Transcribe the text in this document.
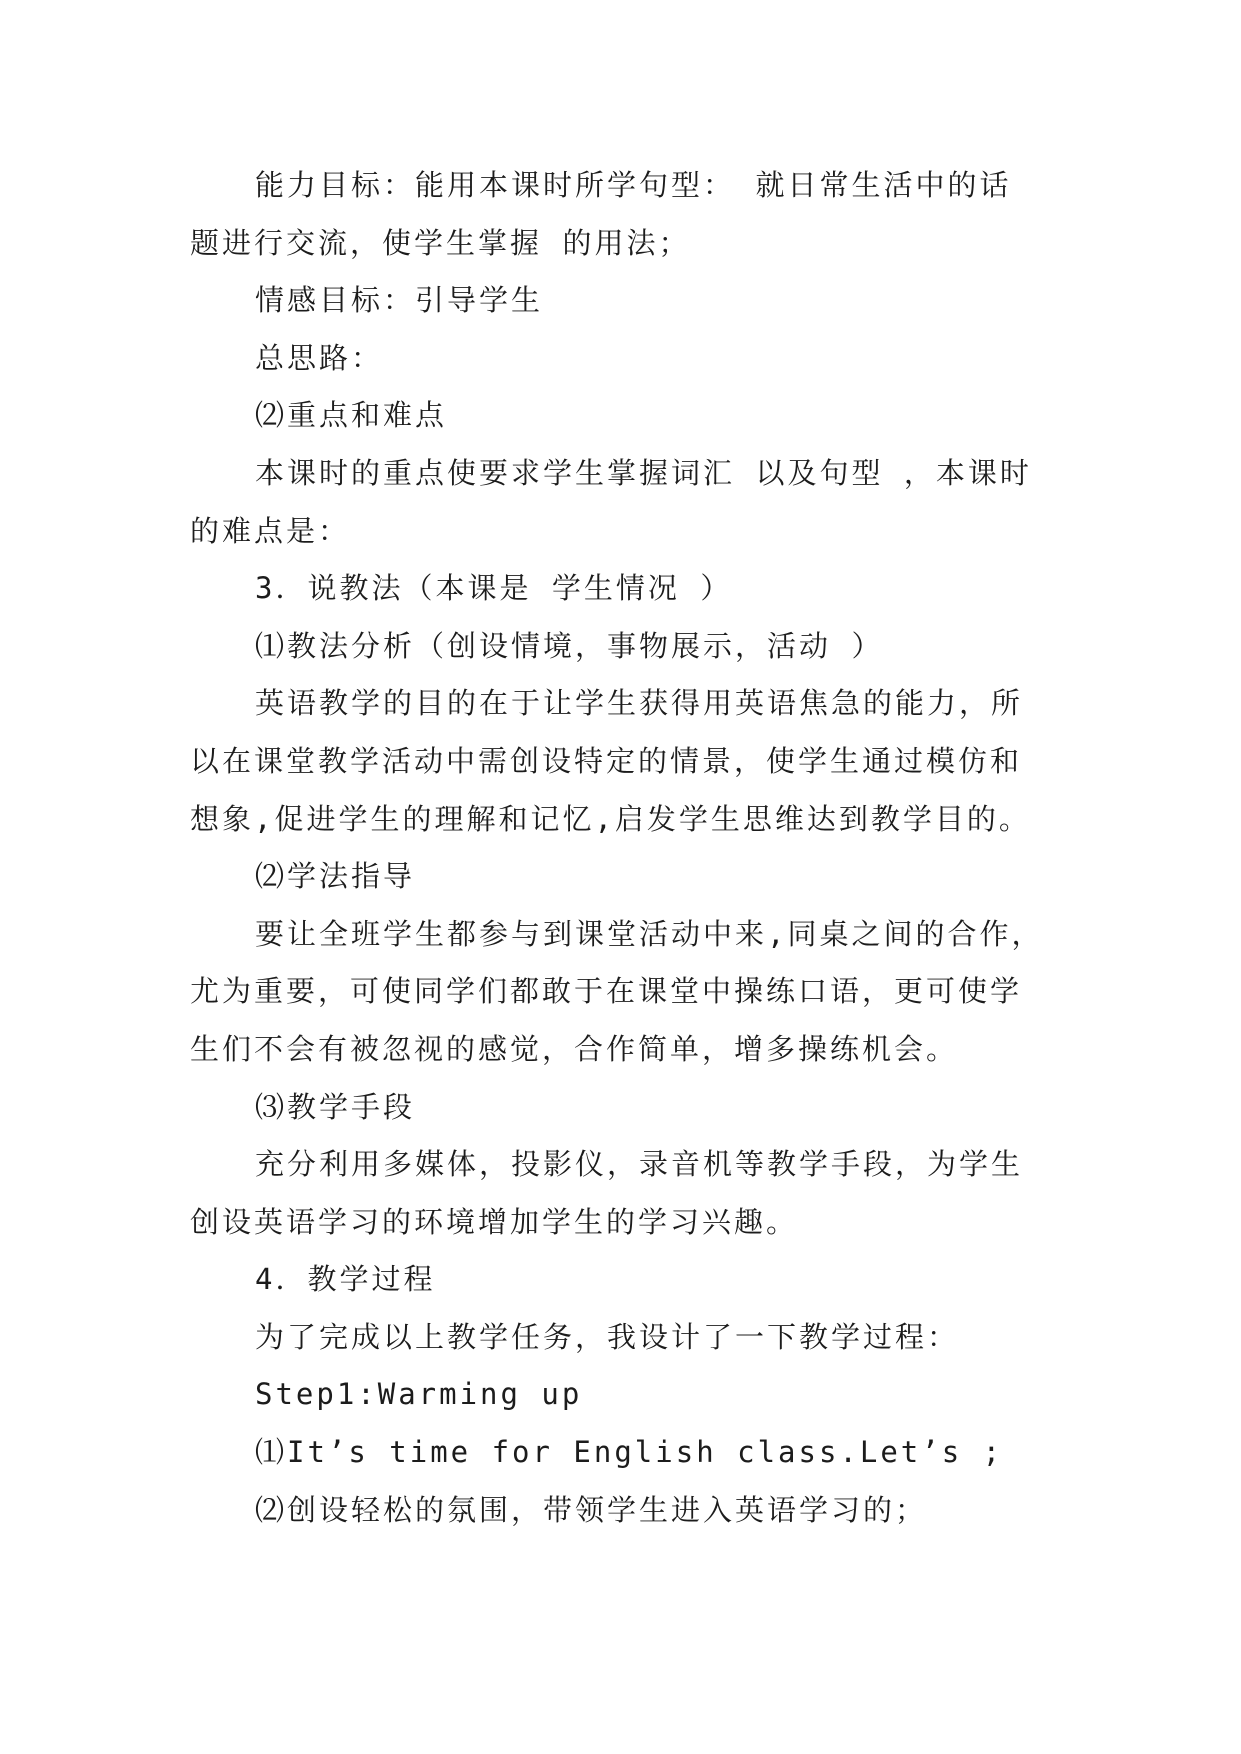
能力目标：能用本课时所学句型： 就日常生活中的话

题进行交流，使学生掌握 的用法；

情感目标：引导学生

总思路：

⑵重点和难点

本课时的重点使要求学生掌握词汇 以及句型 ，本课时

的难点是：

3．说教法（本课是 学生情况 ）

⑴教法分析（创设情境，事物展示，活动 ）

英语教学的目的在于让学生获得用英语焦急的能力，所

以在课堂教学活动中需创设特定的情景，使学生通过模仿和

想象,促进学生的理解和记忆,启发学生思维达到教学目的。

⑵学法指导

要让全班学生都参与到课堂活动中来,同桌之间的合作，

尤为重要，可使同学们都敢于在课堂中操练口语，更可使学

生们不会有被忽视的感觉，合作简单，增多操练机会。

⑶教学手段

充分利用多媒体，投影仪，录音机等教学手段，为学生

创设英语学习的环境增加学生的学习兴趣。

4．教学过程

为了完成以上教学任务，我设计了一下教学过程：

Step1:Warming up

⑴It’s time for English class.Let’s ;

⑵创设轻松的氛围，带领学生进入英语学习的；
